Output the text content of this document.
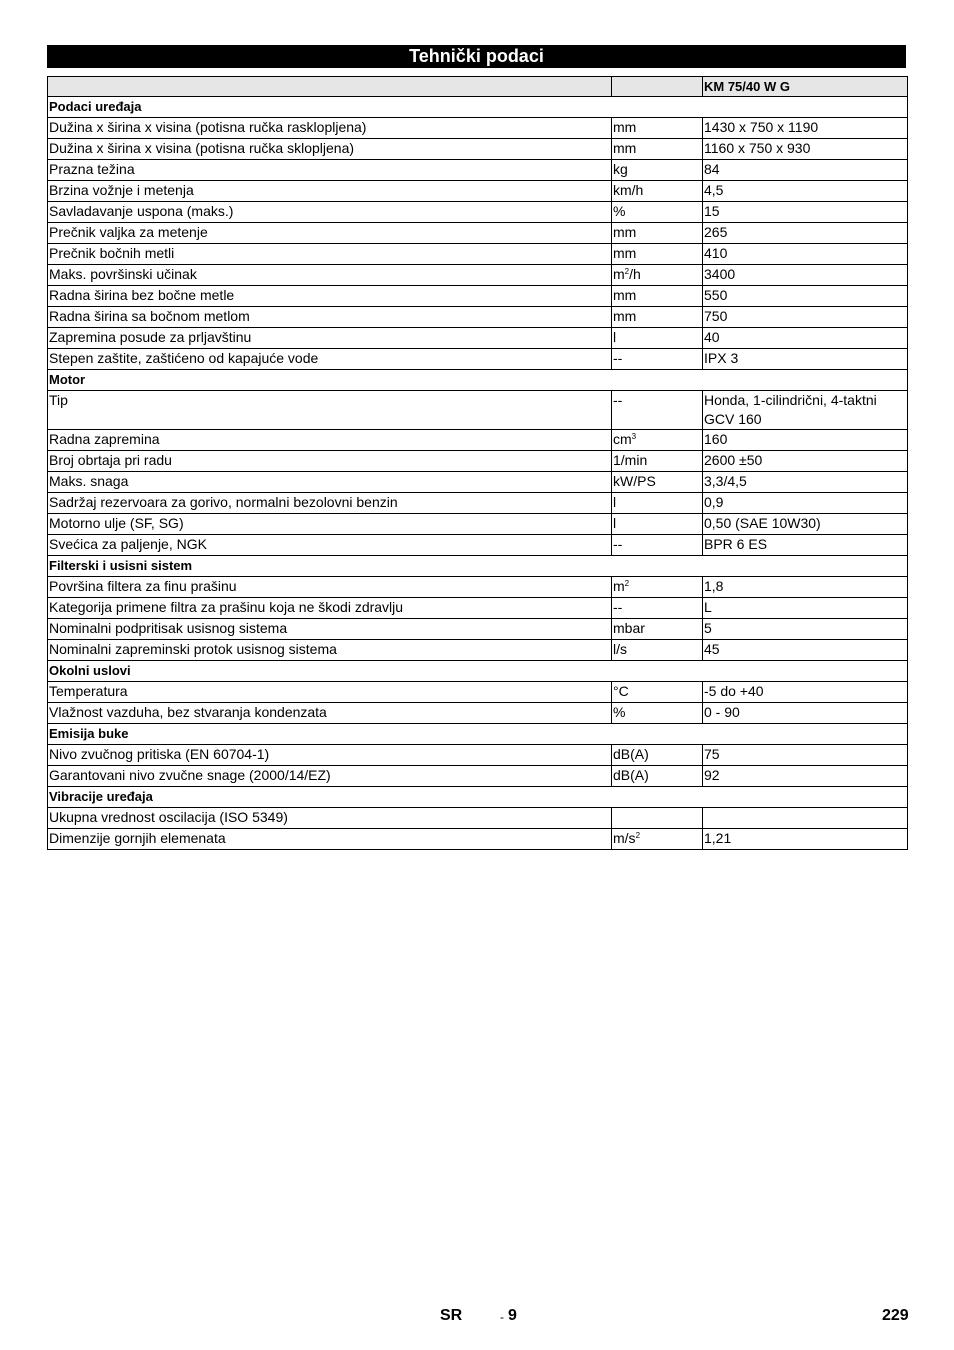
Tehnički podaci
		KM 75/40 W G
Podaci uređaja		
Dužina x širina x visina (potisna ručka rasklopljena)	mm	1430 x 750 x 1190
Dužina x širina x visina (potisna ručka sklopljena)	mm	1160 x 750 x 930
Prazna težina	kg	84
Brzina vožnje i metenja	km/h	4,5
Savladavanje uspona (maks.)	%	15
Prečnik valjka za metenje	mm	265
Prečnik bočnih metli	mm	410
Maks. površinski učinak	$m^2/h$	3400
Radna širina bez bočne metle	mm	550
Radna širina sa bočnom metlom	mm	750
Zapremina posude za prljavštinu	l	40
Stepen zaštite, zaštićeno od kapajuće vode	--	IPX 3
Motor		
Tip	--	Honda, 1-cilindrični, 4-taktni GCV 160
Radna zapremina	$cm^3$	160
Broj obrtaja pri radu	1/min	2600 ±50
Maks. snaga	kW/PS	3,3/4,5
Sadržaj rezervoara za gorivo, normalni bezolovni benzin	l	0,9
Motorno ulje (SF, SG)	l	0,50 (SAE 10W30)
Svećica za paljenje, NGK	--	BPR 6 ES
Filterski i usisni sistem		
Površina filtera za finu prašinu	$m^2$	1,8
Kategorija primene filtra za prašinu koja ne škodi zdravlju	--	L
Nominalni podpritisak usisnog sistema	mbar	5
Nominalni zapreminski protok usisnog sistema	l/s	45
Okolni uslovi		
Temperatura	°C	-5 do +40
Vlažnost vazduha, bez stvaranja kondenzata	%	0 - 90
Emisija buke		
Nivo zvučnog pritiska (EN 60704-1)	dB(A)	75
Garantovani nivo zvučne snage (2000/14/EZ)	dB(A)	92
Vibracije uređaja		
Ukupna vrednost oscilacija (ISO 5349)		
Dimenzije gornjih elemenata	$m/s^2$	1,21
SR	- 9	229
